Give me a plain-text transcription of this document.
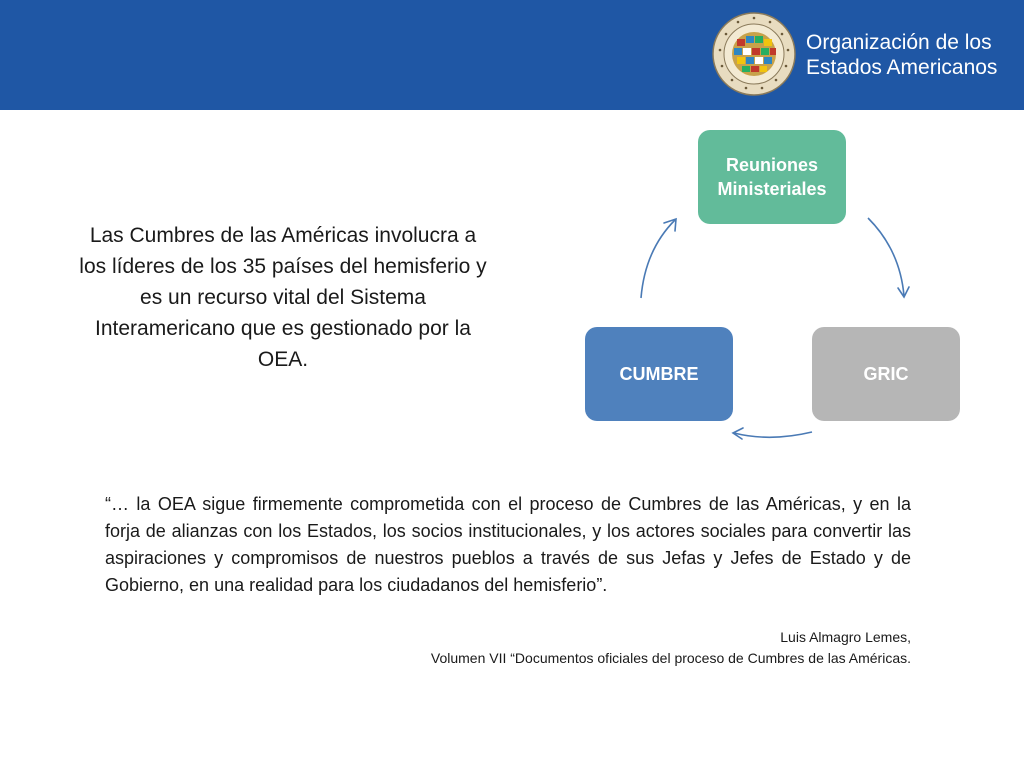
Organización de los
Estados Americanos
Las Cumbres de las Américas involucra a los líderes de los 35 países del hemisferio y es un recurso vital del Sistema Interamericano que es gestionado por la OEA.
Reuniones Ministeriales
GRIC
CUMBRE
“… la OEA sigue firmemente comprometida con el proceso de Cumbres de las Américas, y en la forja de alianzas con los Estados, los socios institucionales, y los actores sociales para convertir las aspiraciones y compromisos de nuestros pueblos a través de sus Jefas y Jefes de Estado y de Gobierno, en una realidad para los ciudadanos del hemisferio”.
Luis Almagro Lemes,
Volumen VII “Documentos oficiales del proceso de Cumbres de las Américas.
